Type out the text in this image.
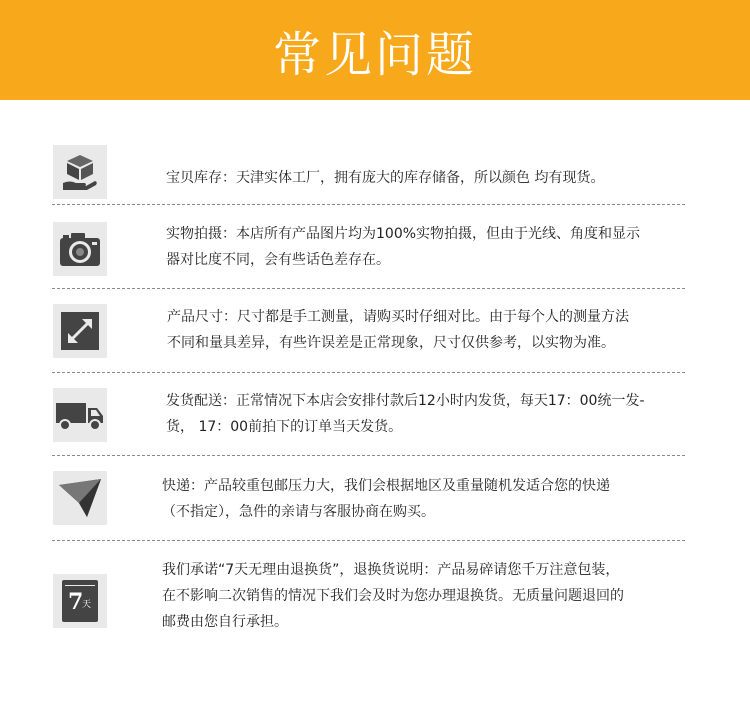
常见问题

宝贝库存：天津实体工厂，拥有庞大的库存储备，所以颜色 均有现货。

实物拍摄：本店所有产品图片均为100%实物拍摄，但由于光线、角度和显示

器对比度不同，会有些话色差存在。

产品尺寸：尺寸都是手工测量，请购买时仔细对比。由于每个人的测量方法

不同和量具差异，有些许误差是正常现象，尺寸仅供参考，以实物为准。

发货配送：正常情况下本店会安排付款后12小时内发货，每天17：00统一发-

货， 17：00前拍下的订单当天发货。

快递：产品较重包邮压力大，我们会根据地区及重量随机发适合您的快递

（不指定），急件的亲请与客服协商在购买。

7
天

我们承诺“7天无理由退换货”，退换货说明：产品易碎请您千万注意包装，

在不影响二次销售的情况下我们会及时为您办理退换货。无质量问题退回的

邮费由您自行承担。
